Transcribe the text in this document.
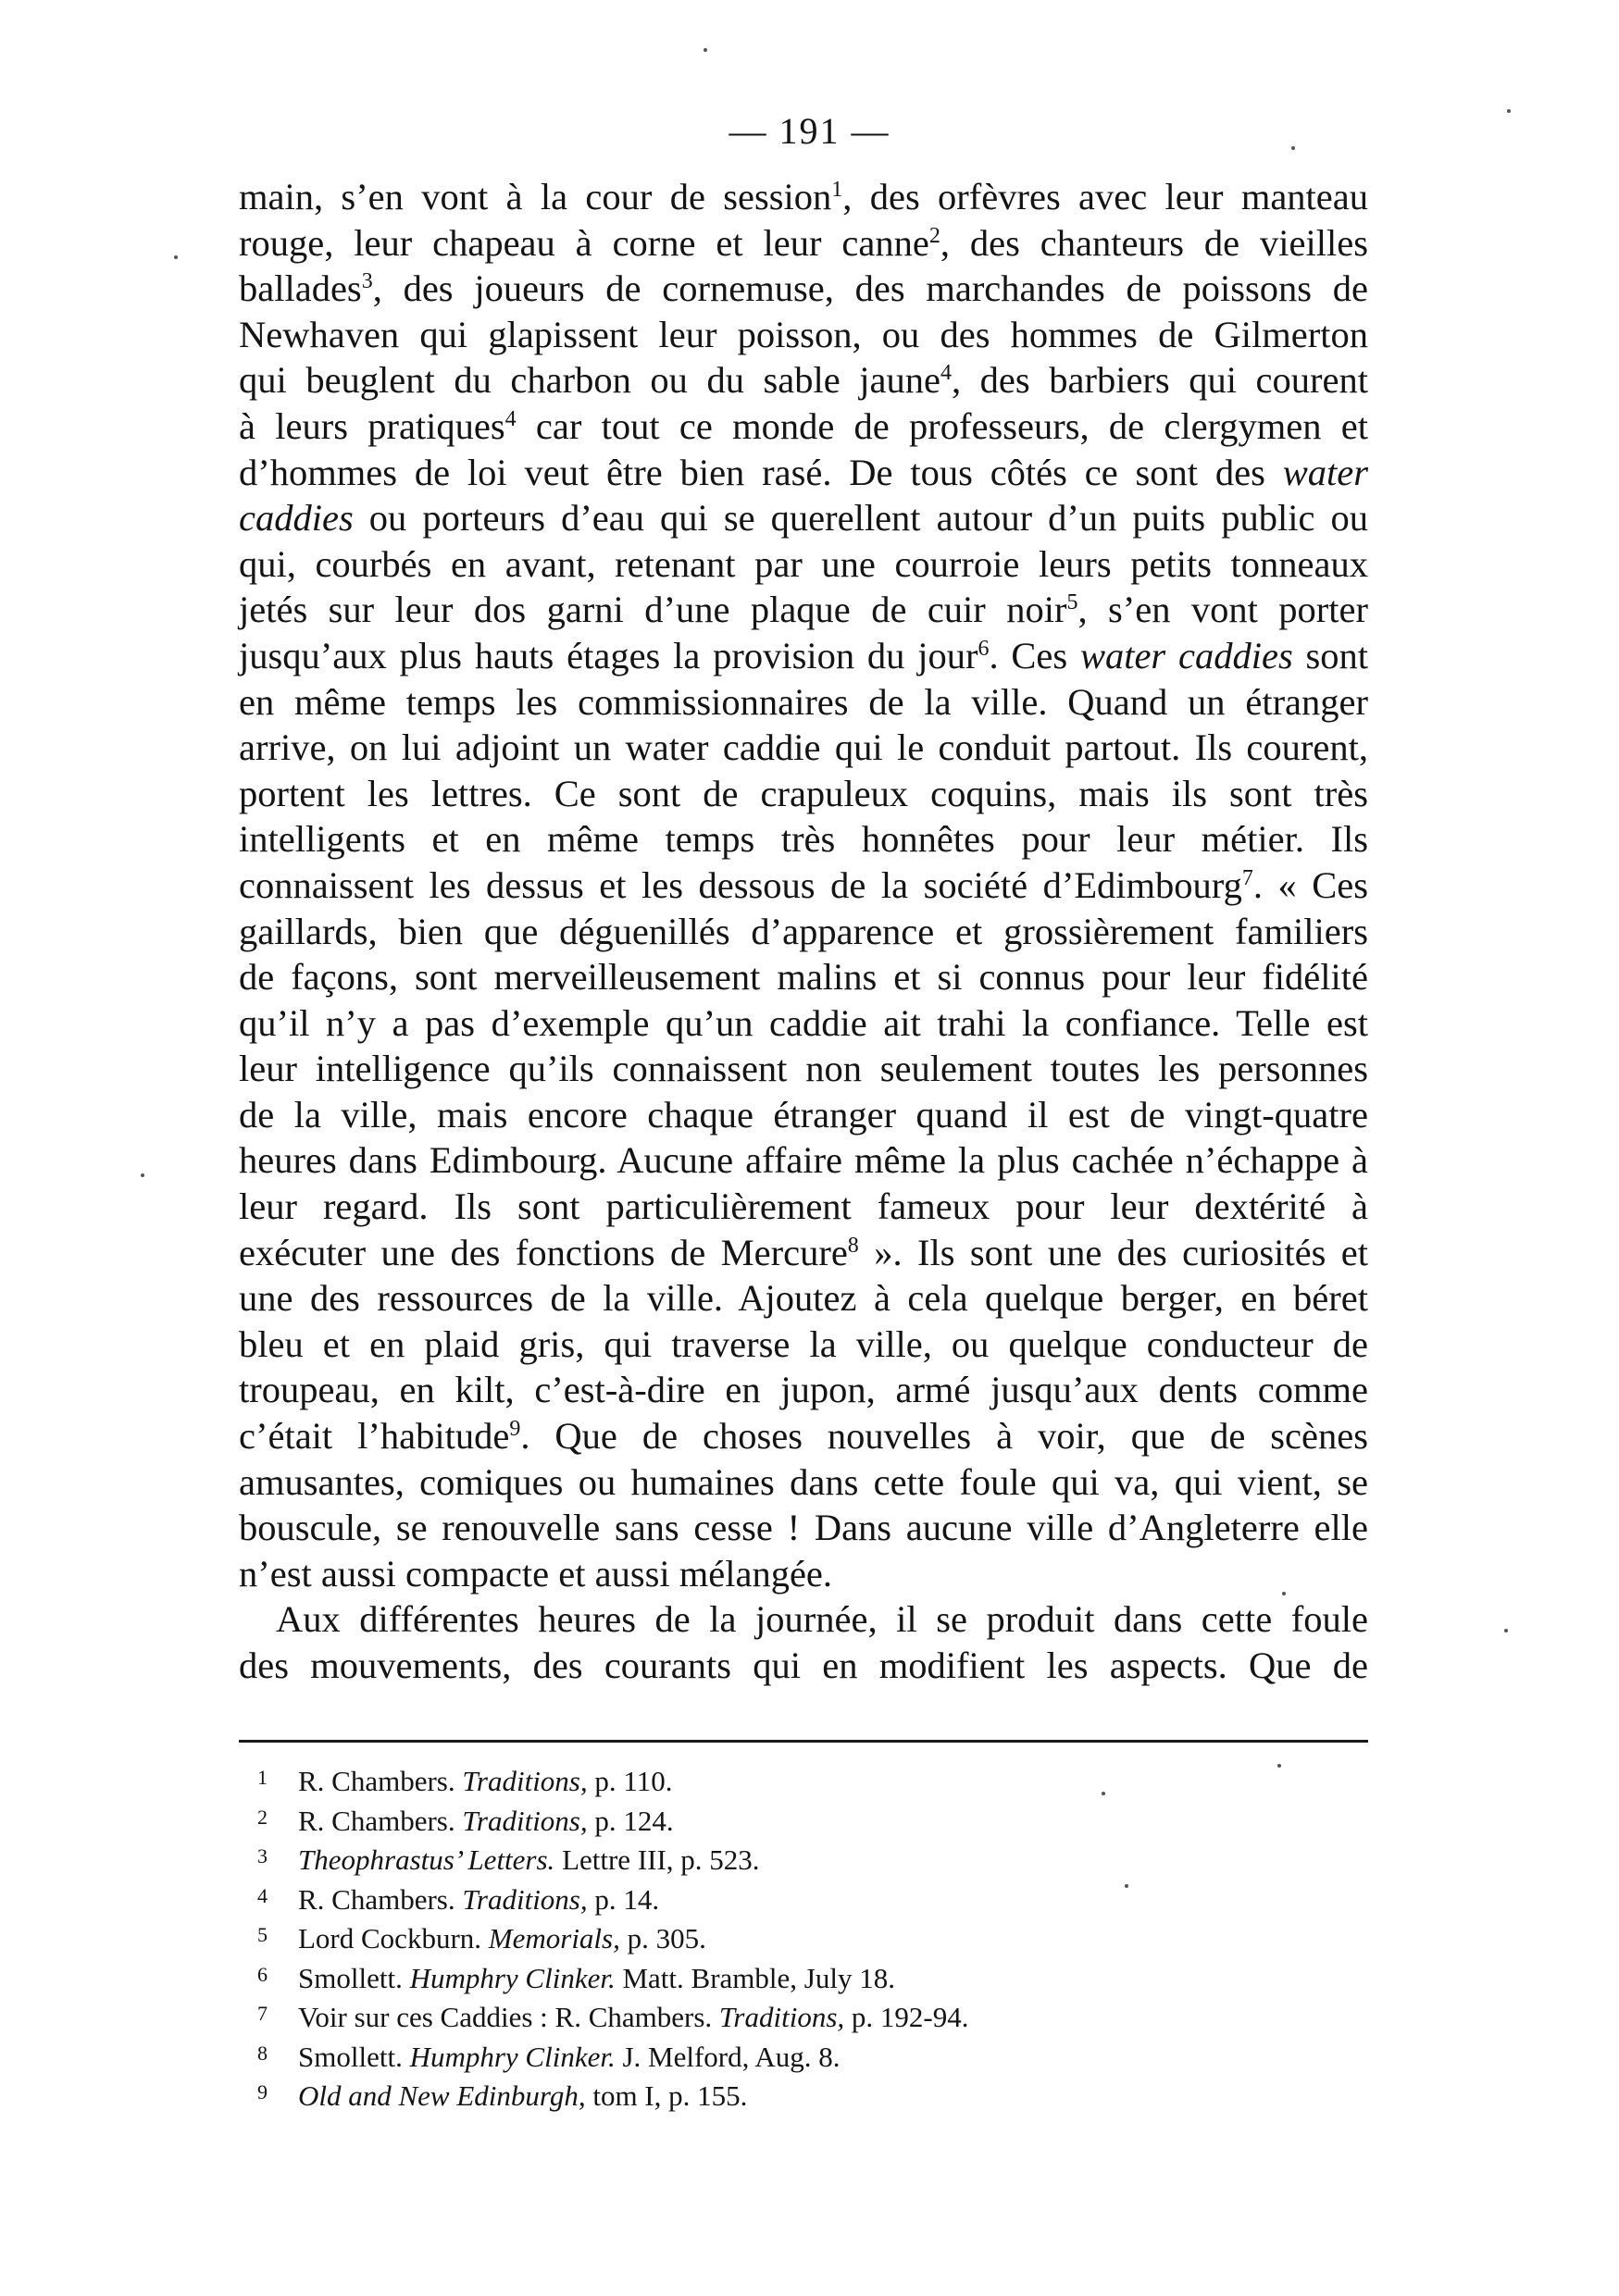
— 191 —
main, s’en vont à la cour de session$^1$, des orfèvres avec leur manteau
rouge, leur chapeau à corne et leur canne$^2$, des chanteurs de vieilles
ballades$^3$, des joueurs de cornemuse, des marchandes de poissons de
Newhaven qui glapissent leur poisson, ou des hommes de Gilmerton
qui beuglent du charbon ou du sable jaune$^4$, des barbiers qui courent
à leurs pratiques$^4$ car tout ce monde de professeurs, de clergymen et
d’hommes de loi veut être bien rasé. De tous côtés ce sont des water
caddies ou porteurs d’eau qui se querellent autour d’un puits public ou
qui, courbés en avant, retenant par une courroie leurs petits tonneaux
jetés sur leur dos garni d’une plaque de cuir noir$^5$, s’en vont porter
jusqu’aux plus hauts étages la provision du jour$^6$. Ces water caddies sont
en même temps les commissionnaires de la ville. Quand un étranger
arrive, on lui adjoint un water caddie qui le conduit partout. Ils courent,
portent les lettres. Ce sont de crapuleux coquins, mais ils sont très
intelligents et en même temps très honnêtes pour leur métier. Ils
connaissent les dessus et les dessous de la société d’Edimbourg$^7$. « Ces
gaillards, bien que déguenillés d’apparence et grossièrement familiers
de façons, sont merveilleusement malins et si connus pour leur fidélité
qu’il n’y a pas d’exemple qu’un caddie ait trahi la confiance. Telle est
leur intelligence qu’ils connaissent non seulement toutes les personnes
de la ville, mais encore chaque étranger quand il est de vingt-quatre
heures dans Edimbourg. Aucune affaire même la plus cachée n’échappe à
leur regard. Ils sont particulièrement fameux pour leur dextérité à
exécuter une des fonctions de Mercure$^8$ ». Ils sont une des curiosités et
une des ressources de la ville. Ajoutez à cela quelque berger, en béret
bleu et en plaid gris, qui traverse la ville, ou quelque conducteur de
troupeau, en kilt, c’est-à-dire en jupon, armé jusqu’aux dents comme
c’était l’habitude$^9$. Que de choses nouvelles à voir, que de scènes
amusantes, comiques ou humaines dans cette foule qui va, qui vient, se
bouscule, se renouvelle sans cesse ! Dans aucune ville d’Angleterre elle
n’est aussi compacte et aussi mélangée.
Aux différentes heures de la journée, il se produit dans cette foule
des mouvements, des courants qui en modifient les aspects. Que de
1 R. Chambers. Traditions, p. 110.
2 R. Chambers. Traditions, p. 124.
3 Theophrastus’ Letters. Lettre III, p. 523.
4 R. Chambers. Traditions, p. 14.
5 Lord Cockburn. Memorials, p. 305.
6 Smollett. Humphry Clinker. Matt. Bramble, July 18.
7 Voir sur ces Caddies : R. Chambers. Traditions, p. 192-94.
8 Smollett. Humphry Clinker. J. Melford, Aug. 8.
9 Old and New Edinburgh, tom I, p. 155.
